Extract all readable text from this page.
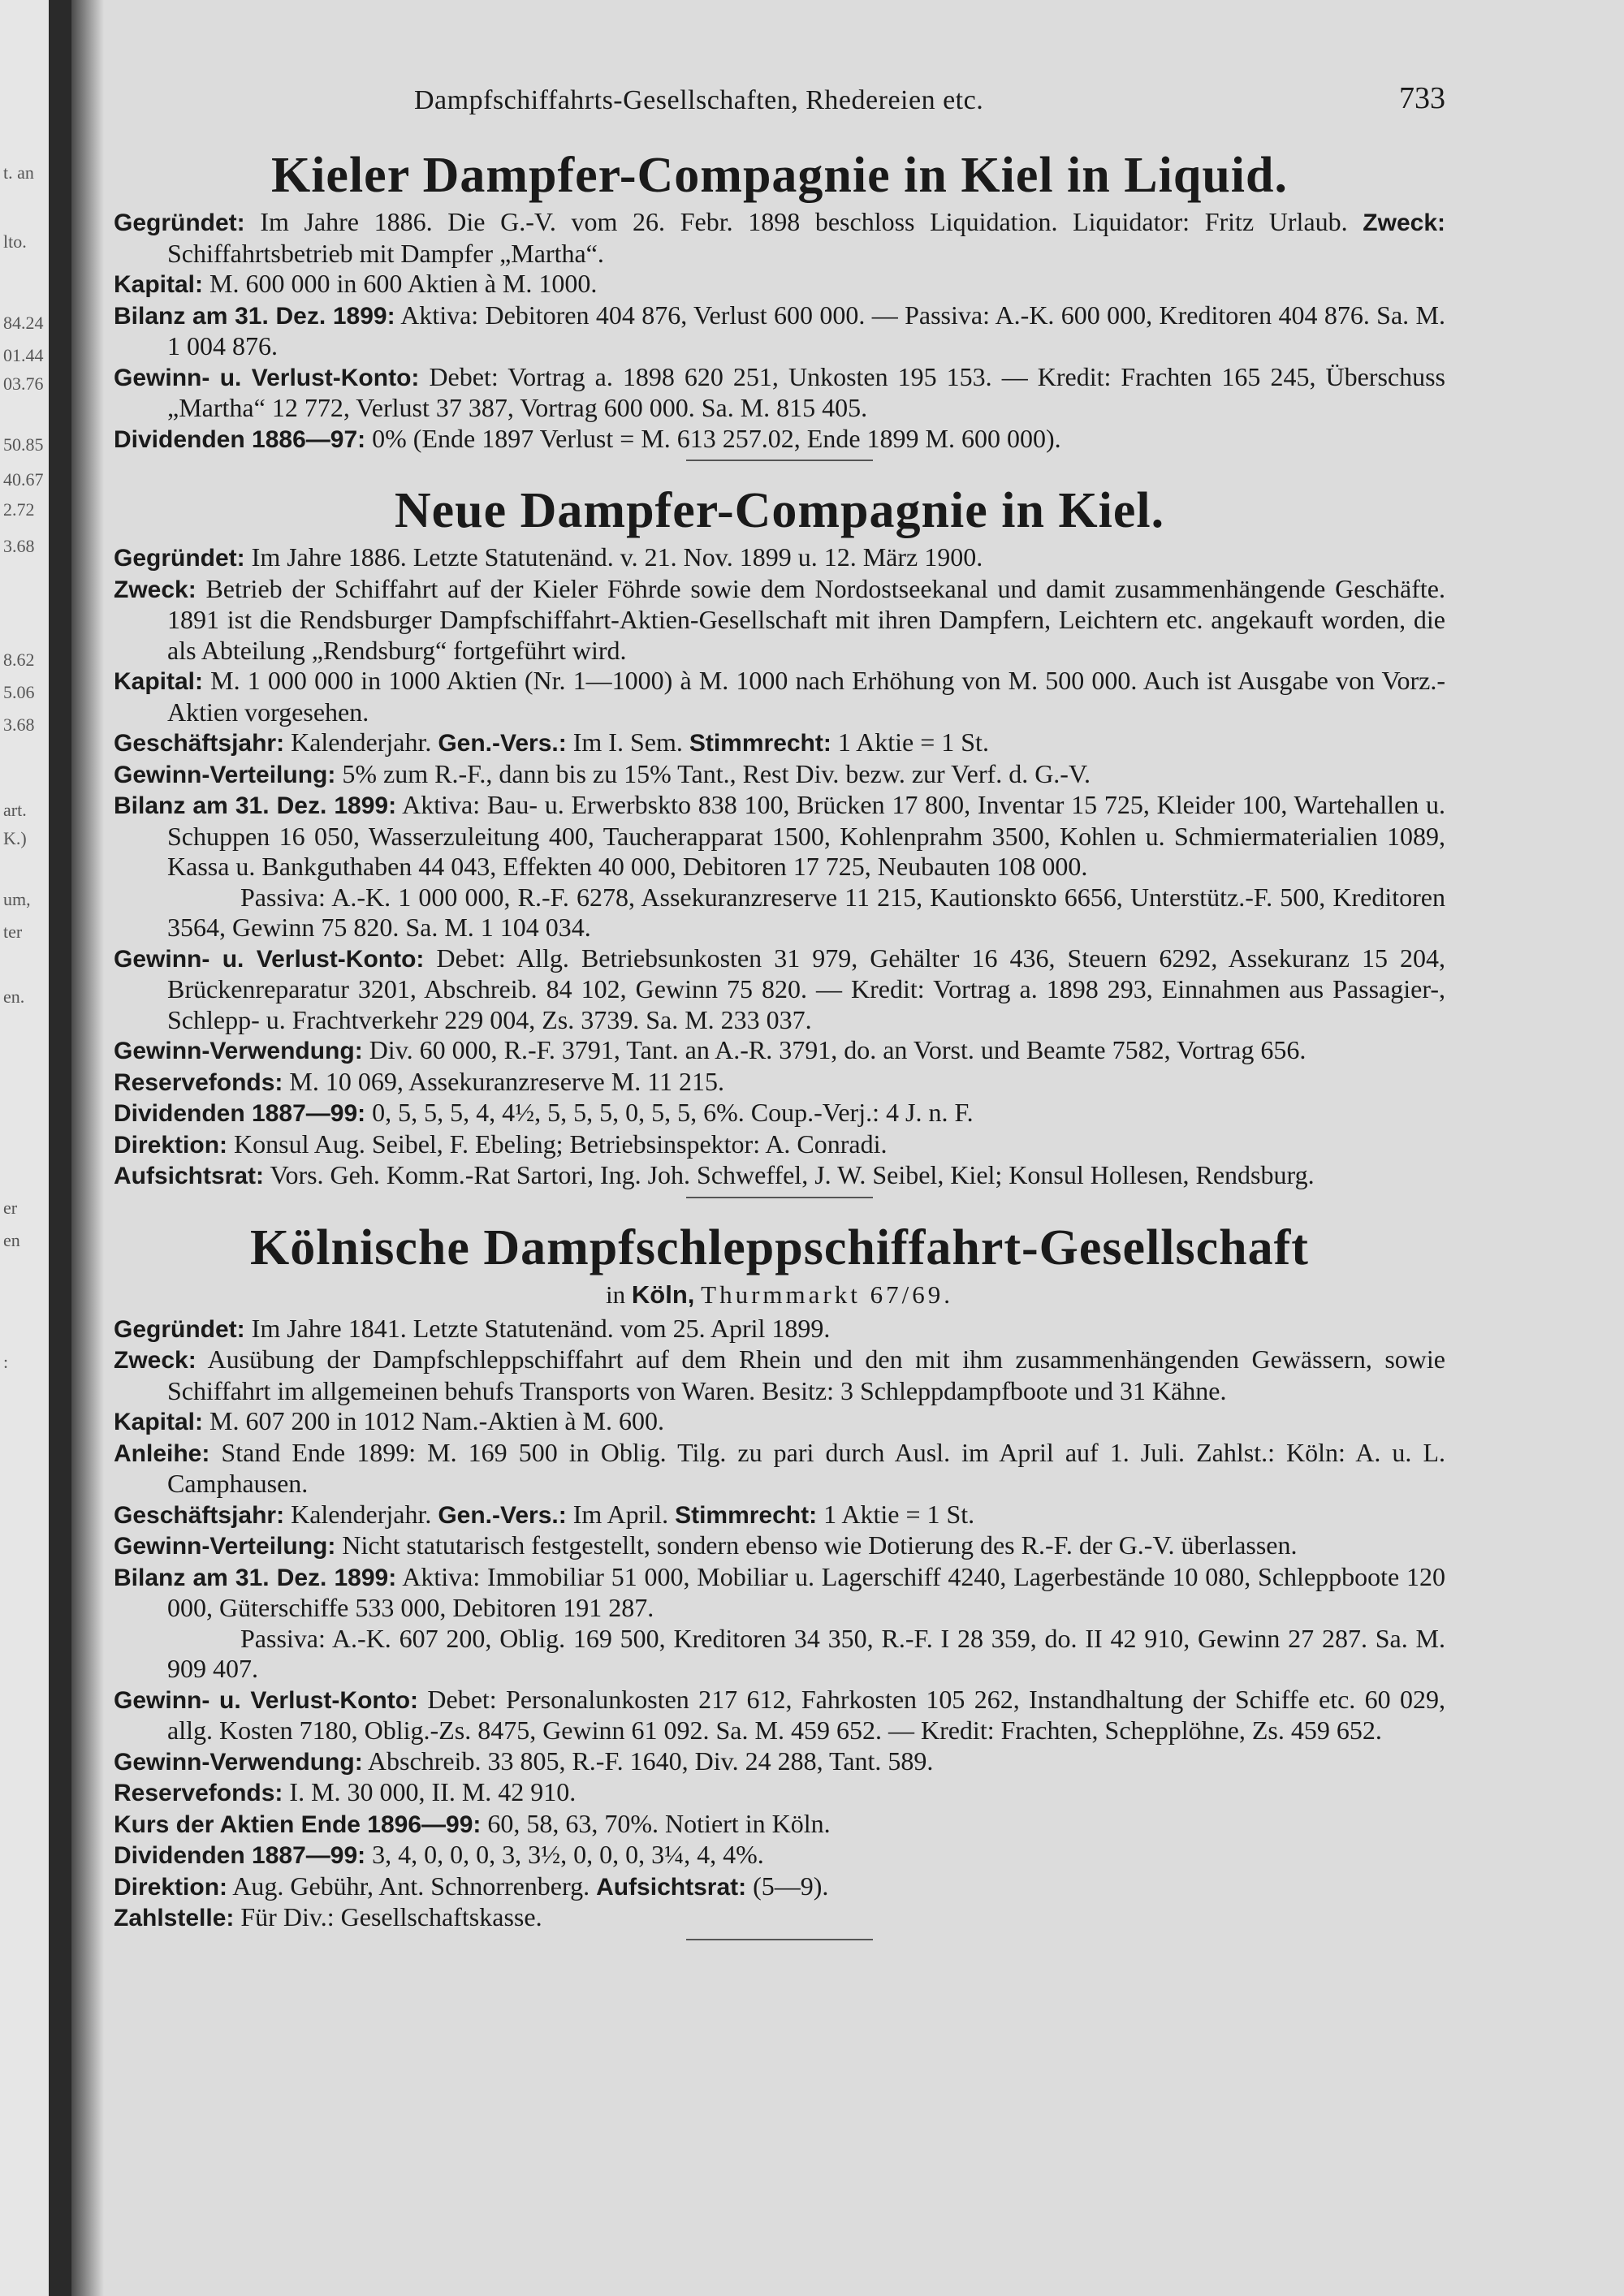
t. an
lto.
84.24
01.44
03.76
50.85
40.67
2.72
3.68
8.62
5.06
3.68
art.
K.)
um,
ter
en.
er
en
:
Dampfschiffahrts-Gesellschaften, Rhedereien etc.	733
Kieler Dampfer-Compagnie in Kiel in Liquid.
Gegründet: Im Jahre 1886. Die G.-V. vom 26. Febr. 1898 beschloss Liquidation. Liquidator: Fritz Urlaub. Zweck: Schiffahrtsbetrieb mit Dampfer „Martha“.
Kapital: M. 600 000 in 600 Aktien à M. 1000.
Bilanz am 31. Dez. 1899: Aktiva: Debitoren 404 876, Verlust 600 000. — Passiva: A.-K. 600 000, Kreditoren 404 876. Sa. M. 1 004 876.
Gewinn- u. Verlust-Konto: Debet: Vortrag a. 1898 620 251, Unkosten 195 153. — Kredit: Frachten 165 245, Überschuss „Martha“ 12 772, Verlust 37 387, Vortrag 600 000. Sa. M. 815 405.
Dividenden 1886—97: 0% (Ende 1897 Verlust = M. 613 257.02, Ende 1899 M. 600 000).
Neue Dampfer-Compagnie in Kiel.
Gegründet: Im Jahre 1886. Letzte Statutenänd. v. 21. Nov. 1899 u. 12. März 1900.
Zweck: Betrieb der Schiffahrt auf der Kieler Föhrde sowie dem Nordostseekanal und damit zusammenhängende Geschäfte. 1891 ist die Rendsburger Dampfschiffahrt-Aktien-Gesellschaft mit ihren Dampfern, Leichtern etc. angekauft worden, die als Abteilung „Rendsburg“ fortgeführt wird.
Kapital: M. 1 000 000 in 1000 Aktien (Nr. 1—1000) à M. 1000 nach Erhöhung von M. 500 000. Auch ist Ausgabe von Vorz.-Aktien vorgesehen.
Geschäftsjahr: Kalenderjahr. Gen.-Vers.: Im I. Sem. Stimmrecht: 1 Aktie = 1 St.
Gewinn-Verteilung: 5% zum R.-F., dann bis zu 15% Tant., Rest Div. bezw. zur Verf. d. G.-V.
Bilanz am 31. Dez. 1899: Aktiva: Bau- u. Erwerbskto 838 100, Brücken 17 800, Inventar 15 725, Kleider 100, Wartehallen u. Schuppen 16 050, Wasserzuleitung 400, Taucherapparat 1500, Kohlenprahm 3500, Kohlen u. Schmiermaterialien 1089, Kassa u. Bankguthaben 44 043, Effekten 40 000, Debitoren 17 725, Neubauten 108 000.
Passiva: A.-K. 1 000 000, R.-F. 6278, Assekuranzreserve 11 215, Kautionskto 6656, Unterstütz.-F. 500, Kreditoren 3564, Gewinn 75 820. Sa. M. 1 104 034.
Gewinn- u. Verlust-Konto: Debet: Allg. Betriebsunkosten 31 979, Gehälter 16 436, Steuern 6292, Assekuranz 15 204, Brückenreparatur 3201, Abschreib. 84 102, Gewinn 75 820. — Kredit: Vortrag a. 1898 293, Einnahmen aus Passagier-, Schlepp- u. Frachtverkehr 229 004, Zs. 3739. Sa. M. 233 037.
Gewinn-Verwendung: Div. 60 000, R.-F. 3791, Tant. an A.-R. 3791, do. an Vorst. und Beamte 7582, Vortrag 656.
Reservefonds: M. 10 069, Assekuranzreserve M. 11 215.
Dividenden 1887—99: 0, 5, 5, 5, 4, 4½, 5, 5, 5, 0, 5, 5, 6%. Coup.-Verj.: 4 J. n. F.
Direktion: Konsul Aug. Seibel, F. Ebeling; Betriebsinspektor: A. Conradi.
Aufsichtsrat: Vors. Geh. Komm.-Rat Sartori, Ing. Joh. Schweffel, J. W. Seibel, Kiel; Konsul Hollesen, Rendsburg.
Kölnische Dampfschleppschiffahrt-Gesellschaft
in Köln, Thurmmarkt 67/69.
Gegründet: Im Jahre 1841. Letzte Statutenänd. vom 25. April 1899.
Zweck: Ausübung der Dampfschleppschiffahrt auf dem Rhein und den mit ihm zusammenhängenden Gewässern, sowie Schiffahrt im allgemeinen behufs Transports von Waren. Besitz: 3 Schleppdampfboote und 31 Kähne.
Kapital: M. 607 200 in 1012 Nam.-Aktien à M. 600.
Anleihe: Stand Ende 1899: M. 169 500 in Oblig. Tilg. zu pari durch Ausl. im April auf 1. Juli. Zahlst.: Köln: A. u. L. Camphausen.
Geschäftsjahr: Kalenderjahr. Gen.-Vers.: Im April. Stimmrecht: 1 Aktie = 1 St.
Gewinn-Verteilung: Nicht statutarisch festgestellt, sondern ebenso wie Dotierung des R.-F. der G.-V. überlassen.
Bilanz am 31. Dez. 1899: Aktiva: Immobiliar 51 000, Mobiliar u. Lagerschiff 4240, Lagerbestände 10 080, Schleppboote 120 000, Güterschiffe 533 000, Debitoren 191 287.
Passiva: A.-K. 607 200, Oblig. 169 500, Kreditoren 34 350, R.-F. I 28 359, do. II 42 910, Gewinn 27 287. Sa. M. 909 407.
Gewinn- u. Verlust-Konto: Debet: Personalunkosten 217 612, Fahrkosten 105 262, Instandhaltung der Schiffe etc. 60 029, allg. Kosten 7180, Oblig.-Zs. 8475, Gewinn 61 092. Sa. M. 459 652. — Kredit: Frachten, Schepplöhne, Zs. 459 652.
Gewinn-Verwendung: Abschreib. 33 805, R.-F. 1640, Div. 24 288, Tant. 589.
Reservefonds: I. M. 30 000, II. M. 42 910.
Kurs der Aktien Ende 1896—99: 60, 58, 63, 70%. Notiert in Köln.
Dividenden 1887—99: 3, 4, 0, 0, 0, 3, 3½, 0, 0, 0, 3¼, 4, 4%.
Direktion: Aug. Gebühr, Ant. Schnorrenberg. Aufsichtsrat: (5—9).
Zahlstelle: Für Div.: Gesellschaftskasse.
